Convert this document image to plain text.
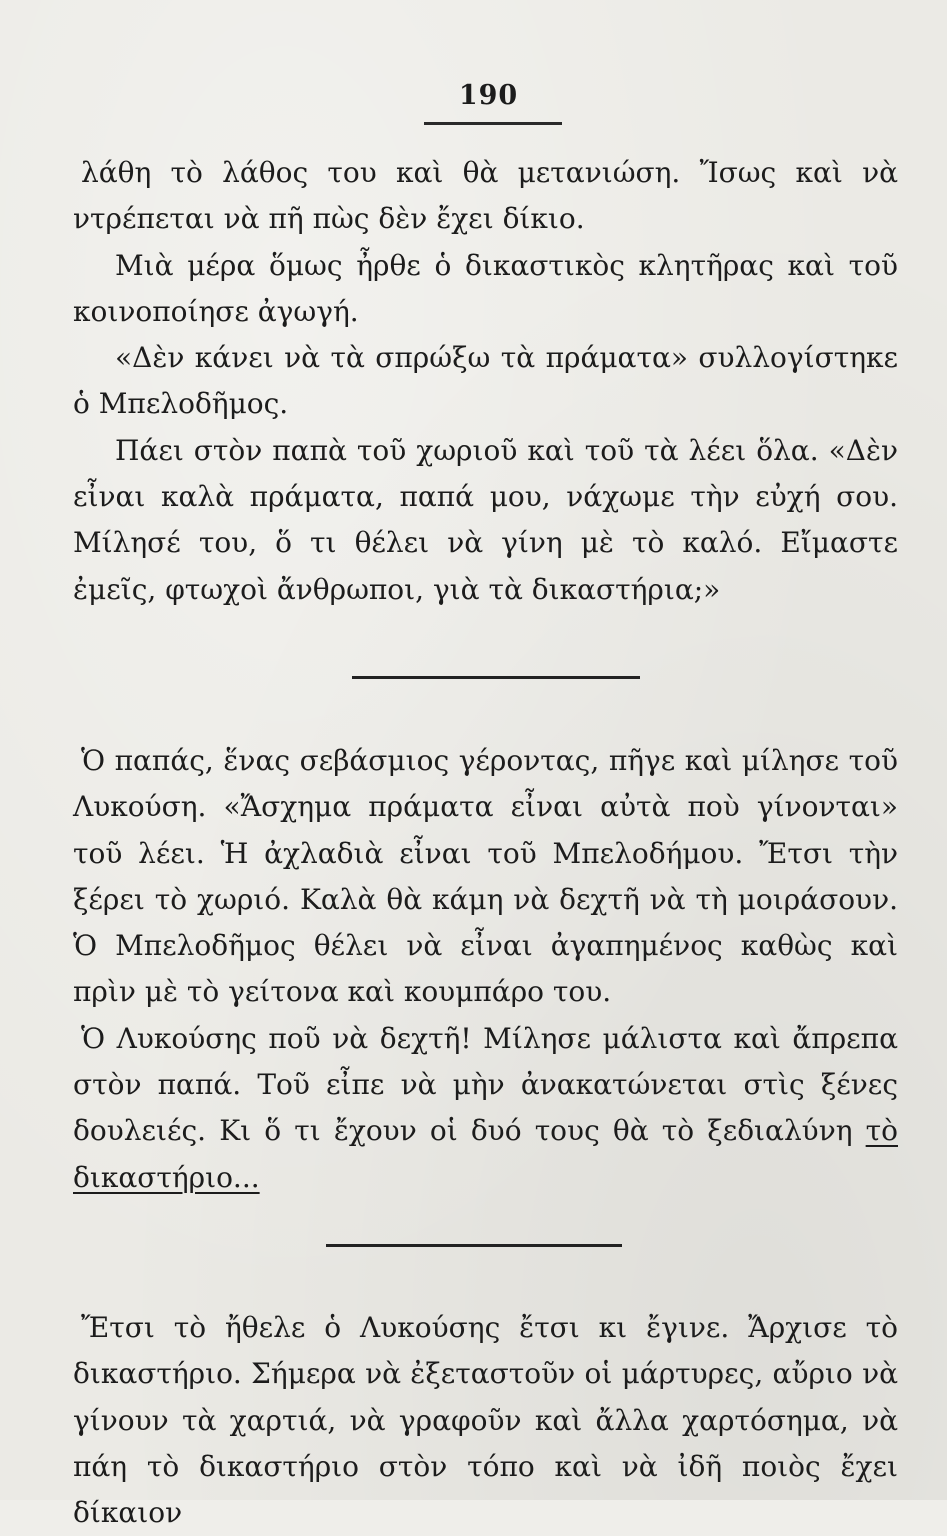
190

λάθη τὸ λάθος του καὶ θὰ μετανιώση. Ἴσως καὶ νὰ ντρέπεται νὰ πῆ πὼς δὲν ἔχει δίκιο.

Μιὰ μέρα ὅμως ἦρθε ὁ δικαστικὸς κλητῆρας καὶ τοῦ κοινοποίησε ἀγωγή.

«Δὲν κάνει νὰ τὰ σπρώξω τὰ πράματα» συλλογίστηκε ὁ Μπελοδῆμος.

Πάει στὸν παπὰ τοῦ χωριοῦ καὶ τοῦ τὰ λέει ὅλα. «Δὲν εἶναι καλὰ πράματα, παπά μου, νάχωμε τὴν εὐχή σου. Μίλησέ του, ὅ τι θέλει νὰ γίνη μὲ τὸ καλό. Εἴμαστε ἐμεῖς, φτωχοὶ ἄνθρωποι, γιὰ τὰ δικαστήρια;»

Ὁ παπάς, ἕνας σεβάσμιος γέροντας, πῆγε καὶ μίλησε τοῦ Λυκούση. «Ἄσχημα πράματα εἶναι αὐτὰ ποὺ γίνονται» τοῦ λέει. Ἡ ἀχλαδιὰ εἶναι τοῦ Μπελοδήμου. Ἔτσι τὴν ξέρει τὸ χωριό. Καλὰ θὰ κάμη νὰ δεχτῆ νὰ τὴ μοιράσουν. Ὁ Μπελοδῆμος θέλει νὰ εἶναι ἀγαπημένος καθὼς καὶ πρὶν μὲ τὸ γείτονα καὶ κουμπάρο του.

Ὁ Λυκούσης ποῦ νὰ δεχτῆ! Μίλησε μάλιστα καὶ ἄπρεπα στὸν παπά. Τοῦ εἶπε νὰ μὴν ἀνακατώνεται στὶς ξένες δουλειές. Κι ὅ τι ἔχουν οἱ δυό τους θὰ τὸ ξεδιαλύνη τὸ δικαστήριο...

Ἔτσι τὸ ἤθελε ὁ Λυκούσης ἔτσι κι ἔγινε. Ἄρχισε τὸ δικαστήριο. Σήμερα νὰ ἐξεταστοῦν οἱ μάρτυρες, αὔριο νὰ γίνουν τὰ χαρτιά, νὰ γραφοῦν καὶ ἄλλα χαρτόσημα, νὰ πάη τὸ δικαστήριο στὸν τόπο καὶ νὰ ἰδῆ ποιὸς ἔχει δίκαιον
